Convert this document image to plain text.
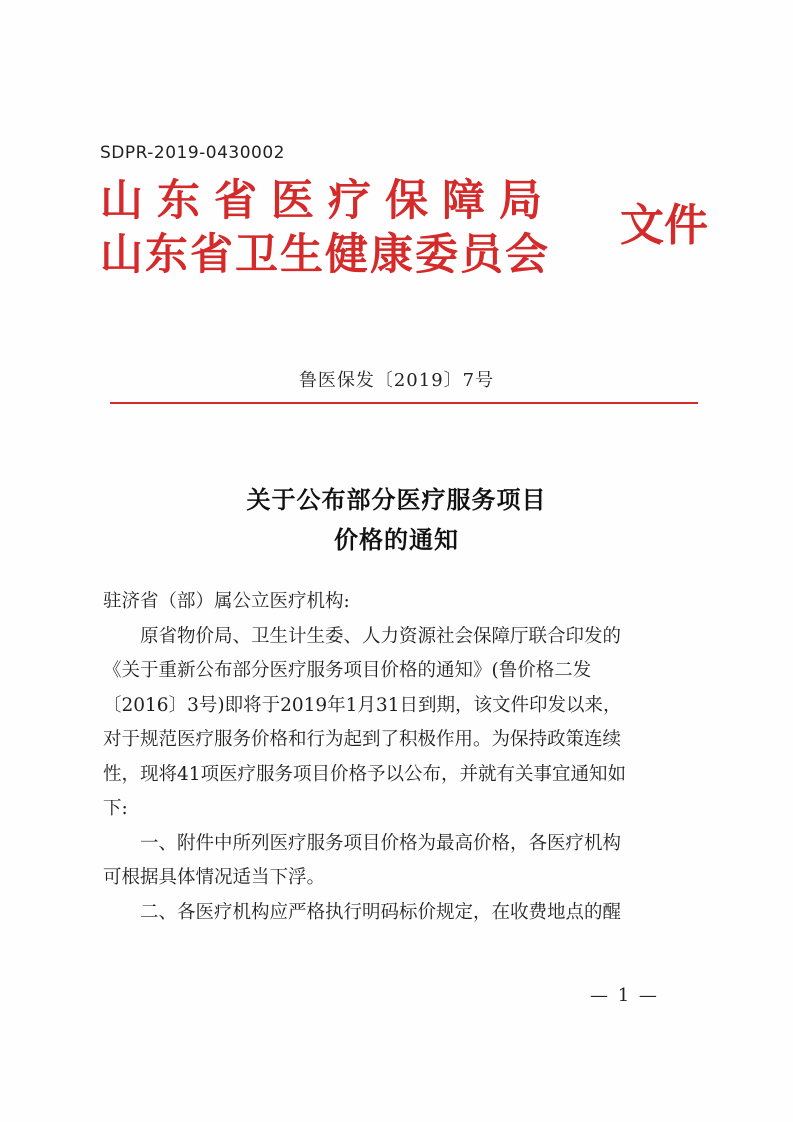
SDPR-2019-0430002
山东省医疗保障局
山东省卫生健康委员会
文件
鲁医保发〔2019〕7号
关于公布部分医疗服务项目
价格的通知
驻济省（部）属公立医疗机构:
原省物价局、卫生计生委、人力资源社会保障厅联合印发的
《关于重新公布部分医疗服务项目价格的通知》(鲁价格二发
〔2016〕3号)即将于2019年1月31日到期，该文件印发以来，
对于规范医疗服务价格和行为起到了积极作用。为保持政策连续
性，现将41项医疗服务项目价格予以公布，并就有关事宜通知如
下:
一、附件中所列医疗服务项目价格为最高价格，各医疗机构
可根据具体情况适当下浮。
二、各医疗机构应严格执行明码标价规定，在收费地点的醒
— 1 —
